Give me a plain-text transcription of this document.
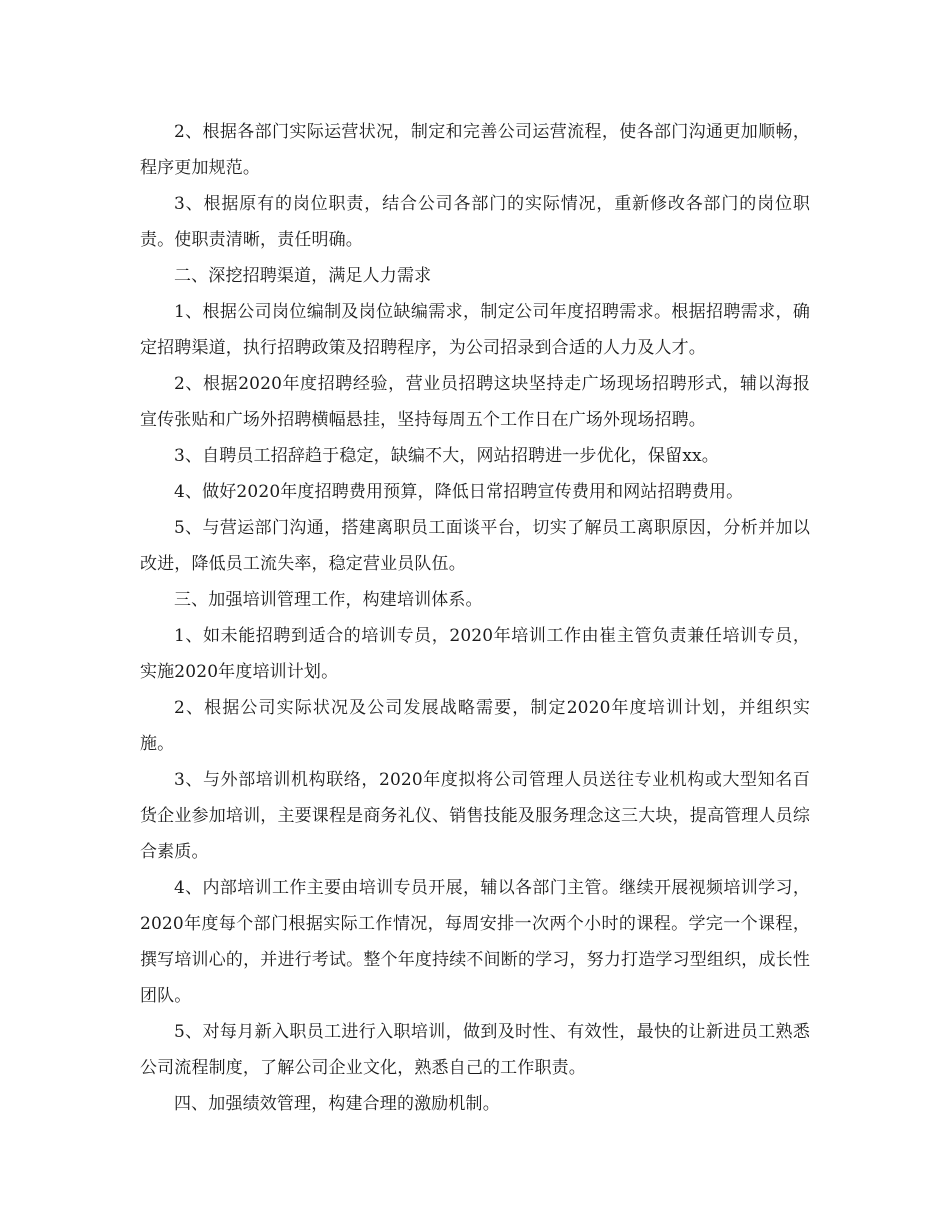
2、根据各部门实际运营状况，制定和完善公司运营流程，使各部门沟通更加顺畅，程序更加规范。

3、根据原有的岗位职责，结合公司各部门的实际情况，重新修改各部门的岗位职责。使职责清晰，责任明确。

二、深挖招聘渠道，满足人力需求

1、根据公司岗位编制及岗位缺编需求，制定公司年度招聘需求。根据招聘需求，确定招聘渠道，执行招聘政策及招聘程序，为公司招录到合适的人力及人才。

2、根据2020年度招聘经验，营业员招聘这块坚持走广场现场招聘形式，辅以海报宣传张贴和广场外招聘横幅悬挂，坚持每周五个工作日在广场外现场招聘。

3、自聘员工招辞趋于稳定，缺编不大，网站招聘进一步优化，保留xx。

4、做好2020年度招聘费用预算，降低日常招聘宣传费用和网站招聘费用。

5、与营运部门沟通，搭建离职员工面谈平台，切实了解员工离职原因，分析并加以改进，降低员工流失率，稳定营业员队伍。

三、加强培训管理工作，构建培训体系。

1、如未能招聘到适合的培训专员，2020年培训工作由崔主管负责兼任培训专员，实施2020年度培训计划。

2、根据公司实际状况及公司发展战略需要，制定2020年度培训计划，并组织实施。

3、与外部培训机构联络，2020年度拟将公司管理人员送往专业机构或大型知名百货企业参加培训，主要课程是商务礼仪、销售技能及服务理念这三大块，提高管理人员综合素质。

4、内部培训工作主要由培训专员开展，辅以各部门主管。继续开展视频培训学习，2020年度每个部门根据实际工作情况，每周安排一次两个小时的课程。学完一个课程，撰写培训心的，并进行考试。整个年度持续不间断的学习，努力打造学习型组织，成长性团队。

5、对每月新入职员工进行入职培训，做到及时性、有效性，最快的让新进员工熟悉公司流程制度，了解公司企业文化，熟悉自己的工作职责。

四、加强绩效管理，构建合理的激励机制。
